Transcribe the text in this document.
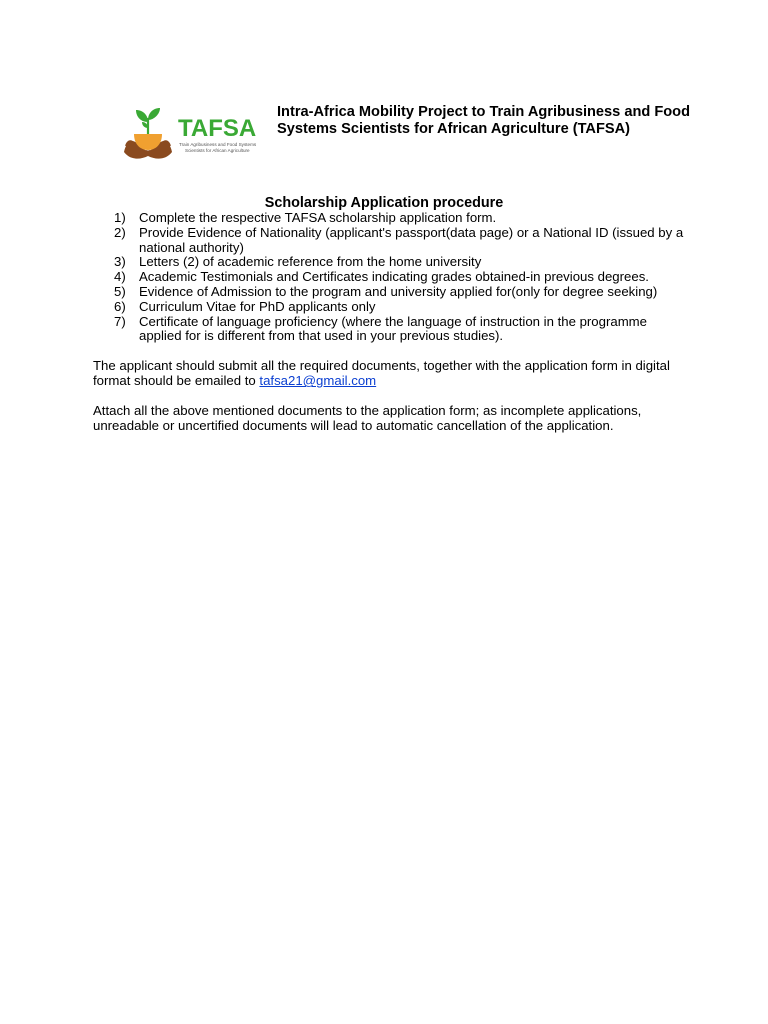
TAFSA
Train Agribusiness and Food Systems
Scientists for African Agriculture
Intra-Africa Mobility Project to Train Agribusiness and Food Systems Scientists for African Agriculture (TAFSA)
Scholarship Application procedure
1) Complete the respective TAFSA scholarship application form.
2) Provide Evidence of Nationality (applicant's passport(data page) or a National ID (issued by a national authority)
3) Letters (2) of academic reference from the home university
4) Academic Testimonials and Certificates indicating grades obtained-in previous degrees.
5) Evidence of Admission to the program and university applied for(only for degree seeking)
6) Curriculum Vitae for PhD applicants only
7) Certificate of language proficiency (where the language of instruction in the programme applied for is different from that used in your previous studies).

The applicant should submit all the required documents, together with the application form in digital format should be emailed to tafsa21@gmail.com

Attach all the above mentioned documents to the application form; as incomplete applications, unreadable or uncertified documents will lead to automatic cancellation of the application.
